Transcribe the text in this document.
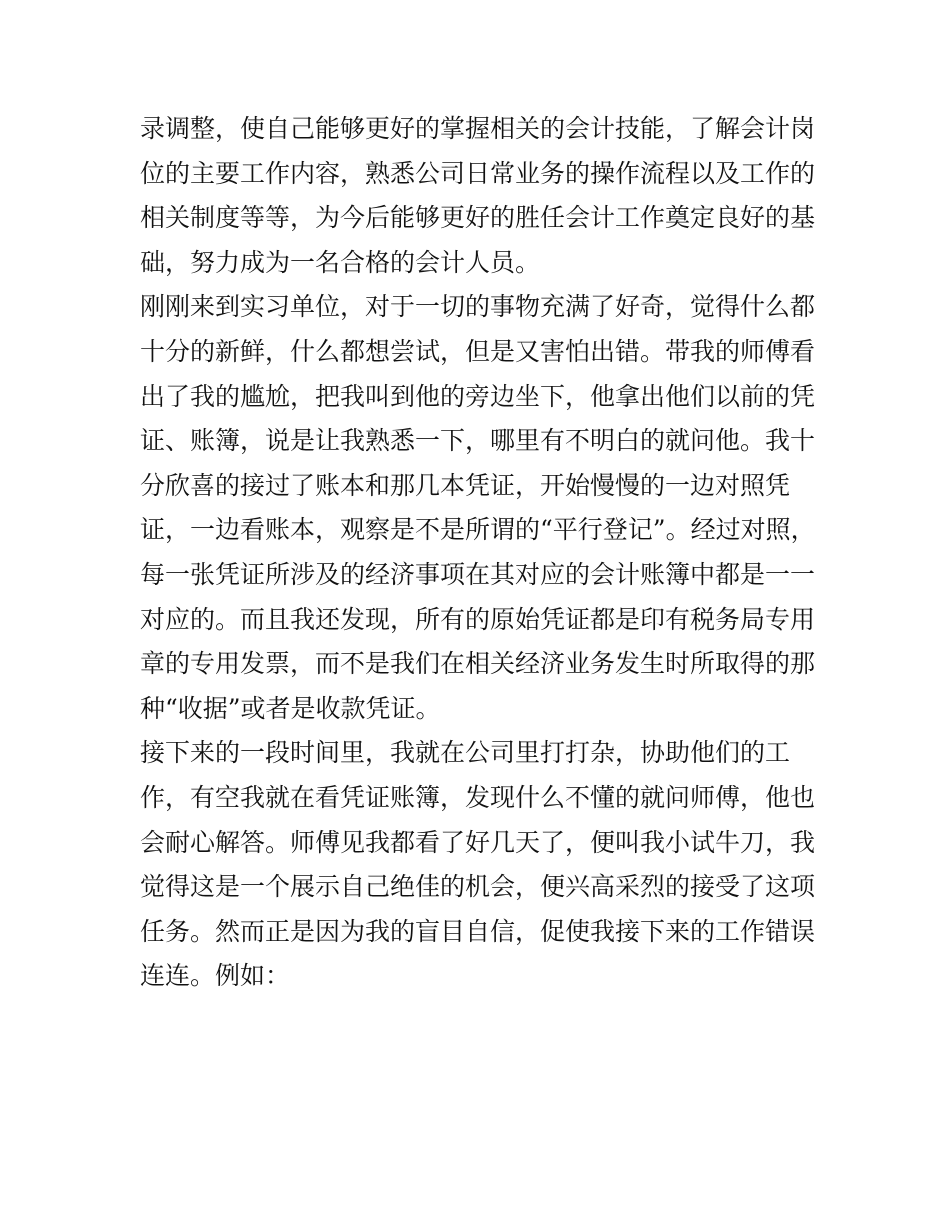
录调整，使自己能够更好的掌握相关的会计技能，了解会计岗
位的主要工作内容，熟悉公司日常业务的操作流程以及工作的
相关制度等等，为今后能够更好的胜任会计工作奠定良好的基
础，努力成为一名合格的会计人员。
刚刚来到实习单位，对于一切的事物充满了好奇，觉得什么都
十分的新鲜，什么都想尝试，但是又害怕出错。带我的师傅看
出了我的尴尬，把我叫到他的旁边坐下，他拿出他们以前的凭
证、账簿，说是让我熟悉一下，哪里有不明白的就问他。我十
分欣喜的接过了账本和那几本凭证，开始慢慢的一边对照凭
证，一边看账本，观察是不是所谓的“平行登记”。经过对照，
每一张凭证所涉及的经济事项在其对应的会计账簿中都是一一
对应的。而且我还发现，所有的原始凭证都是印有税务局专用
章的专用发票，而不是我们在相关经济业务发生时所取得的那
种“收据”或者是收款凭证。
接下来的一段时间里，我就在公司里打打杂，协助他们的工
作，有空我就在看凭证账簿，发现什么不懂的就问师傅，他也
会耐心解答。师傅见我都看了好几天了，便叫我小试牛刀，我
觉得这是一个展示自己绝佳的机会，便兴高采烈的接受了这项
任务。然而正是因为我的盲目自信，促使我接下来的工作错误
连连。例如：
